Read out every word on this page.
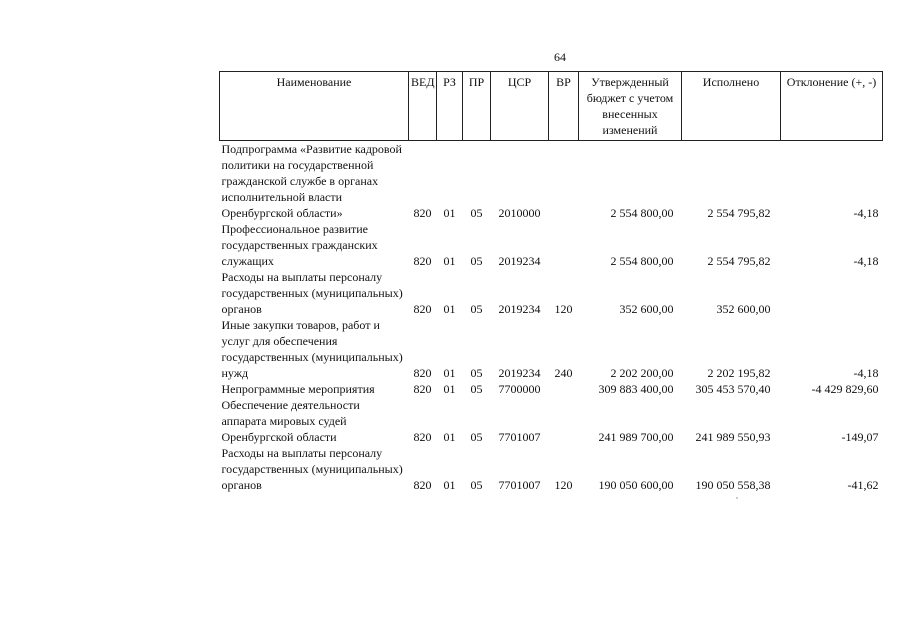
64
Наименование	ВЕД	РЗ	ПР	ЦСР	ВР	Утвержденный бюджет с учетом внесенных изменений	Исполнено	Отклонение (+, -)
Подпрограмма «Развитие кадровой политики на государственной гражданской службе в органах исполнительной власти Оренбургской области»	820	01	05	2010000		2 554 800,00	2 554 795,82	-4,18
Профессиональное развитие государственных гражданских служащих	820	01	05	2019234		2 554 800,00	2 554 795,82	-4,18
Расходы на выплаты персоналу государственных (муниципальных) органов	820	01	05	2019234	120	352 600,00	352 600,00	
Иные закупки товаров, работ и услуг для обеспечения государственных (муниципальных) нужд	820	01	05	2019234	240	2 202 200,00	2 202 195,82	-4,18
Непрограммные мероприятия	820	01	05	7700000		309 883 400,00	305 453 570,40	-4 429 829,60
Обеспечение деятельности аппарата мировых судей Оренбургской области	820	01	05	7701007		241 989 700,00	241 989 550,93	-149,07
Расходы на выплаты персоналу государственных (муниципальных) органов	820	01	05	7701007	120	190 050 600,00	190 050 558,38	-41,62
